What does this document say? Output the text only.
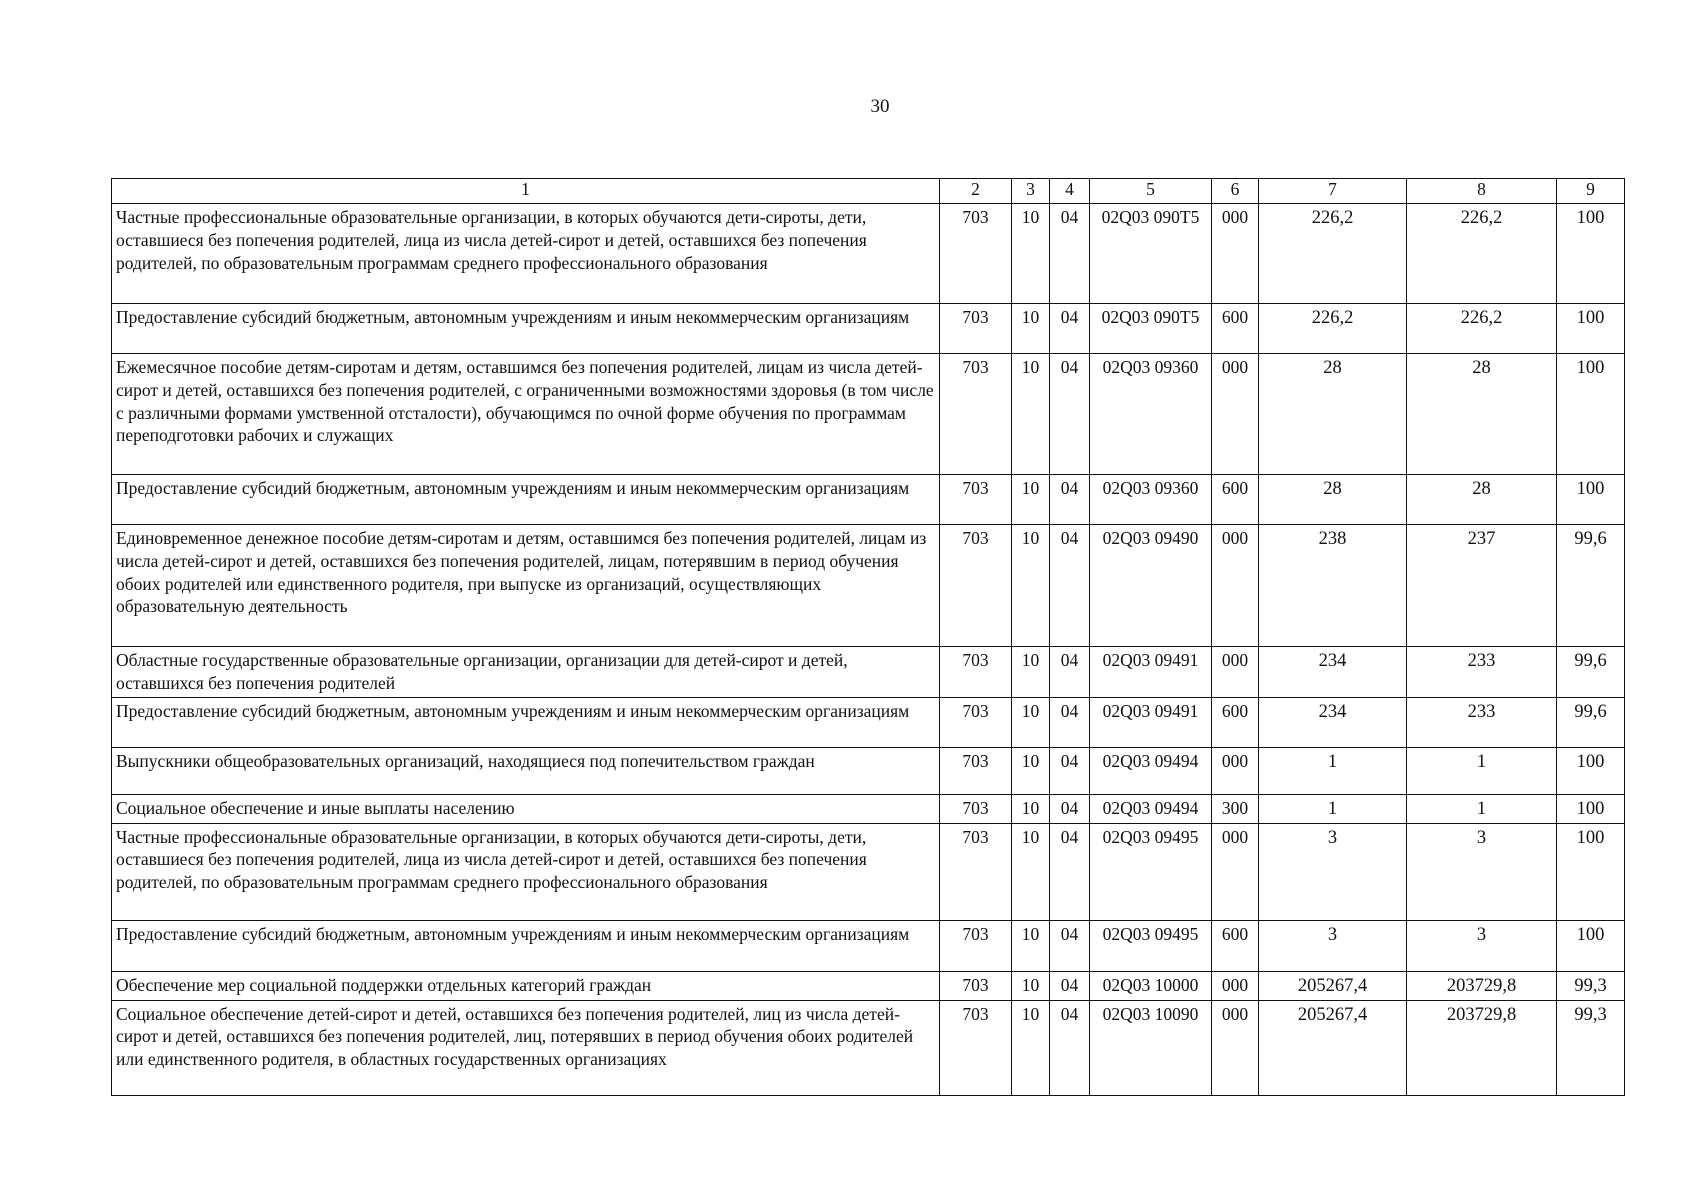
30
1	2	3	4	5	6	7	8	9
Частные профессиональные образовательные организации, в которых обучаются дети-сироты, дети, оставшиеся без попечения родителей, лица из числа детей-сирот и детей, оставшихся без попечения родителей, по образовательным программам среднего профессионального образования	703	10	04	02Q03 090T5	000	226,2	226,2	100
Предоставление субсидий бюджетным, автономным учреждениям и иным некоммерческим организациям	703	10	04	02Q03 090T5	600	226,2	226,2	100
Ежемесячное пособие детям-сиротам и детям, оставшимся без попечения родителей, лицам из числа детей-сирот и детей, оставшихся без попечения родителей, с ограниченными возможностями здоровья (в том числе с различными формами умственной отсталости), обучающимся по очной форме обучения по программам переподготовки рабочих и служащих	703	10	04	02Q03 09360	000	28	28	100
Предоставление субсидий бюджетным, автономным учреждениям и иным некоммерческим организациям	703	10	04	02Q03 09360	600	28	28	100
Единовременное денежное пособие детям-сиротам и детям, оставшимся без попечения родителей, лицам из числа детей-сирот и детей, оставшихся без попечения родителей, лицам, потерявшим в период обучения обоих родителей или единственного родителя, при выпуске из организаций, осуществляющих образовательную деятельность	703	10	04	02Q03 09490	000	238	237	99,6
Областные государственные образовательные организации, организации для детей-сирот и детей, оставшихся без попечения родителей	703	10	04	02Q03 09491	000	234	233	99,6
Предоставление субсидий бюджетным, автономным учреждениям и иным некоммерческим организациям	703	10	04	02Q03 09491	600	234	233	99,6
Выпускники общеобразовательных организаций, находящиеся под попечительством граждан	703	10	04	02Q03 09494	000	1	1	100
Социальное обеспечение и иные выплаты населению	703	10	04	02Q03 09494	300	1	1	100
Частные профессиональные образовательные организации, в которых обучаются дети-сироты, дети, оставшиеся без попечения родителей, лица из числа детей-сирот и детей, оставшихся без попечения родителей, по образовательным программам среднего профессионального образования	703	10	04	02Q03 09495	000	3	3	100
Предоставление субсидий бюджетным, автономным учреждениям и иным некоммерческим организациям	703	10	04	02Q03 09495	600	3	3	100
Обеспечение мер социальной поддержки отдельных категорий граждан	703	10	04	02Q03 10000	000	205267,4	203729,8	99,3
Социальное обеспечение детей-сирот и детей, оставшихся без попечения родителей, лиц из числа детей-сирот и детей, оставшихся без попечения родителей, лиц, потерявших в период обучения обоих родителей или единственного родителя, в областных государственных организациях	703	10	04	02Q03 10090	000	205267,4	203729,8	99,3
